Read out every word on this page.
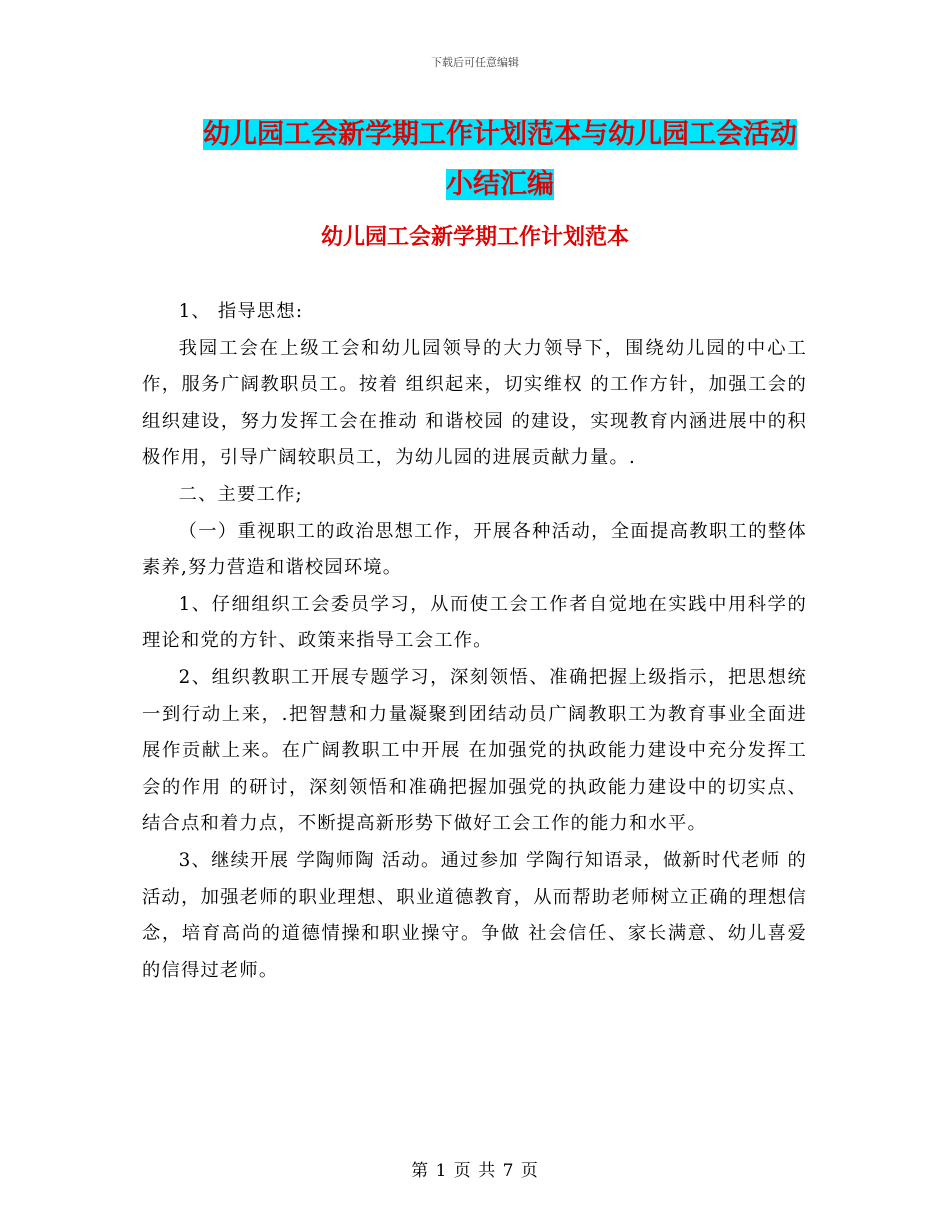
下载后可任意编辑
幼儿园工会新学期工作计划范本与幼儿园工会活动小结汇编
幼儿园工会新学期工作计划范本

1、 指导思想:

我园工会在上级工会和幼儿园领导的大力领导下，围绕幼儿园的中心工作，服务广阔教职员工。按着 组织起来，切实维权 的工作方针，加强工会的组织建设，努力发挥工会在推动 和谐校园 的建设，实现教育内涵进展中的积极作用，引导广阔较职员工，为幼儿园的进展贡献力量。.

二、主要工作;

（一）重视职工的政治思想工作，开展各种活动，全面提高教职工的整体素养,努力营造和谐校园环境。

1、仔细组织工会委员学习，从而使工会工作者自觉地在实践中用科学的理论和党的方针、政策来指导工会工作。

2、组织教职工开展专题学习，深刻领悟、准确把握上级指示，把思想统一到行动上来，.把智慧和力量凝聚到团结动员广阔教职工为教育事业全面进展作贡献上来。在广阔教职工中开展 在加强党的执政能力建设中充分发挥工会的作用 的研讨，深刻领悟和准确把握加强党的执政能力建设中的切实点、结合点和着力点，不断提高新形势下做好工会工作的能力和水平。

3、继续开展 学陶师陶 活动。通过参加 学陶行知语录，做新时代老师 的活动，加强老师的职业理想、职业道德教育，从而帮助老师树立正确的理想信念，培育高尚的道德情操和职业操守。争做 社会信任、家长满意、幼儿喜爱 的信得过老师。

第 1 页 共 7 页
